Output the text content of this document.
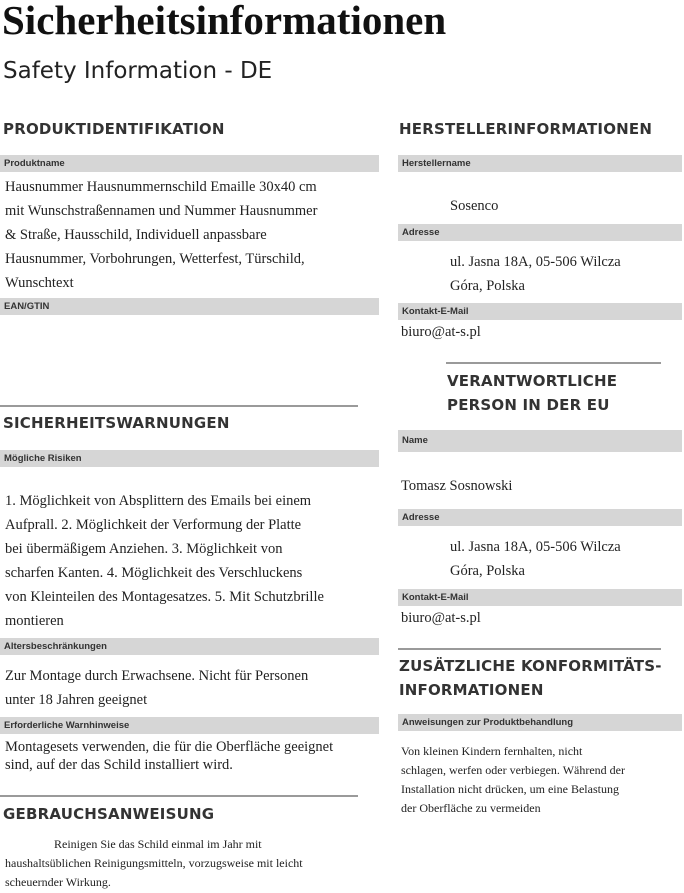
Sicherheitsinformationen
Safety Information - DE
PRODUKTIDENTIFIKATION
Produktname
Hausnummer Hausnummernschild Emaille 30x40 cm
mit Wunschstraßennamen und Nummer Hausnummer
& Straße, Hausschild, Individuell anpassbare
Hausnummer, Vorbohrungen, Wetterfest, Türschild,
Wunschtext
EAN/GTIN
SICHERHEITSWARNUNGEN
Mögliche Risiken
1. Möglichkeit von Absplittern des Emails bei einem
Aufprall. 2. Möglichkeit der Verformung der Platte
bei übermäßigem Anziehen. 3. Möglichkeit von
scharfen Kanten. 4. Möglichkeit des Verschluckens
von Kleinteilen des Montagesatzes. 5. Mit Schutzbrille
montieren
Altersbeschränkungen
Zur Montage durch Erwachsene. Nicht für Personen
unter 18 Jahren geeignet
Erforderliche Warnhinweise
Montagesets verwenden, die für die Oberfläche geeignet
sind, auf der das Schild installiert wird.
GEBRAUCHSANWEISUNG
Reinigen Sie das Schild einmal im Jahr mit
haushaltsüblichen Reinigungsmitteln, vorzugsweise mit leicht
scheuernder Wirkung.
HERSTELLERINFORMATIONEN
Herstellername
Sosenco
Adresse
ul. Jasna 18A, 05-506 Wilcza
Góra, Polska
Kontakt-E-Mail
biuro@at-s.pl
VERANTWORTLICHE
PERSON IN DER EU
Name
Tomasz Sosnowski
Adresse
ul. Jasna 18A, 05-506 Wilcza
Góra, Polska
Kontakt-E-Mail
biuro@at-s.pl
ZUSÄTZLICHE KONFORMITÄTS-
INFORMATIONEN
Anweisungen zur Produktbehandlung
Von kleinen Kindern fernhalten, nicht
schlagen, werfen oder verbiegen. Während der
Installation nicht drücken, um eine Belastung
der Oberfläche zu vermeiden
